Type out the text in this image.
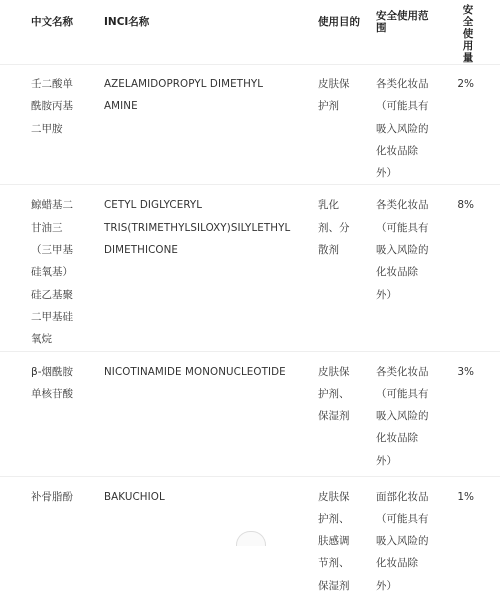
中文名称	INCI名称	使用目的	安全使用范围	安全使用量
壬二酸单酰胺丙基二甲胺	AZELAMIDOPROPYL DIMETHYL AMINE	皮肤保护剂	各类化妆品（可能具有吸入风险的化妆品除外）	2%
鲸蜡基二甘油三（三甲基硅氧基）硅乙基聚二甲基硅氧烷	CETYL DIGLYCERYL TRIS(TRIMETHYLSILOXY)SILYLETHYL DIMETHICONE	乳化剂、分散剂	各类化妆品（可能具有吸入风险的化妆品除外）	8%
β-烟酰胺单核苷酸	NICOTINAMIDE MONONUCLEOTIDE	皮肤保护剂、保湿剂	各类化妆品（可能具有吸入风险的化妆品除外）	3%
补骨脂酚	BAKUCHIOL	皮肤保护剂、肤感调节剂、保湿剂	面部化妆品（可能具有吸入风险的化妆品除外）	1%
